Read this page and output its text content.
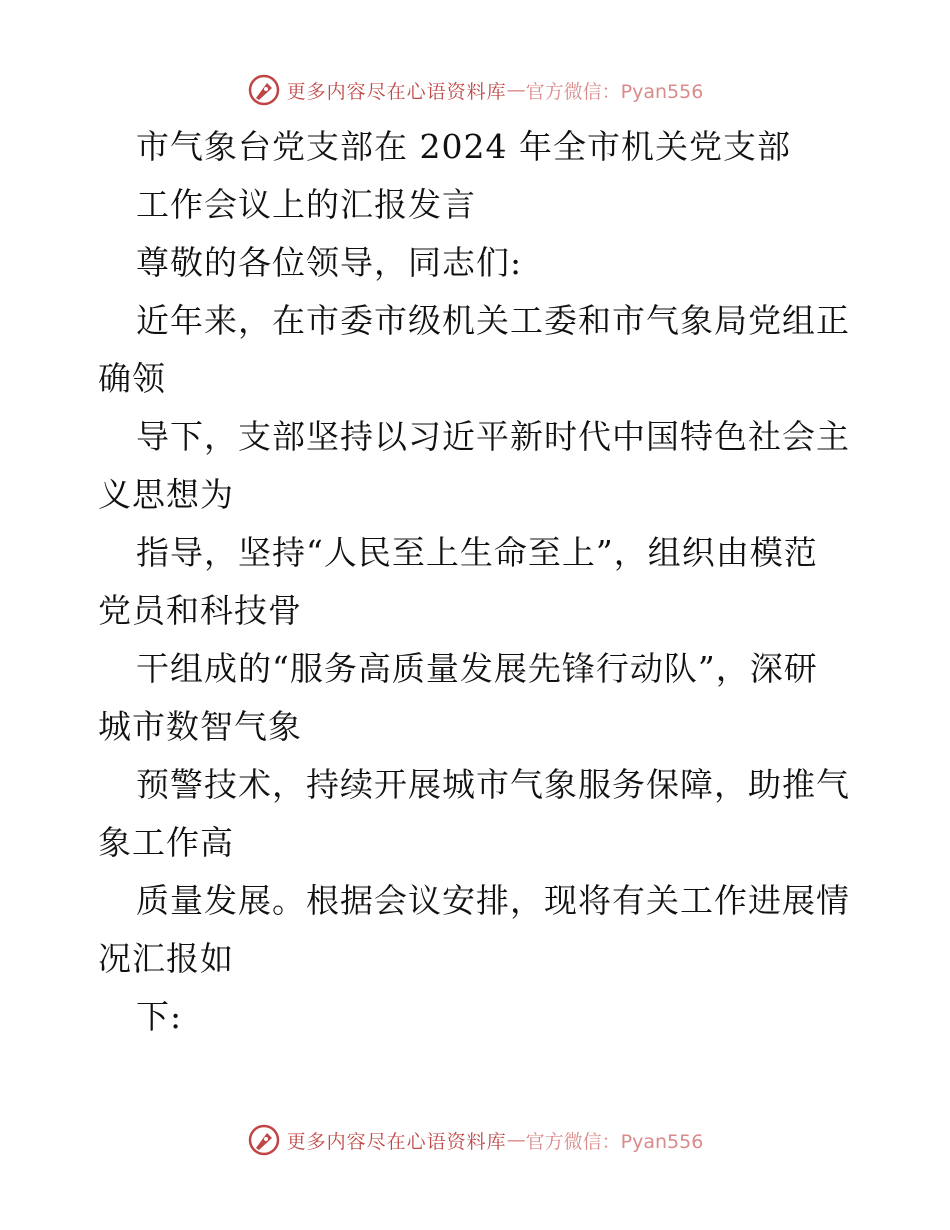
更多内容尽在心语资料库 — 官方微信：Pyan556
市气象台党支部在 2024 年全市机关党支部
工作会议上的汇报发言
尊敬的各位领导，同志们:
近年来，在市委市级机关工委和市气象局党组正
确领
导下，支部坚持以习近平新时代中国特色社会主
义思想为
指导，坚持“人民至上生命至上”，组织由模范
党员和科技骨
干组成的“服务高质量发展先锋行动队”，深研
城市数智气象
预警技术，持续开展城市气象服务保障，助推气
象工作高
质量发展。根据会议安排，现将有关工作进展情
况汇报如
下:
更多内容尽在心语资料库 — 官方微信：Pyan556
